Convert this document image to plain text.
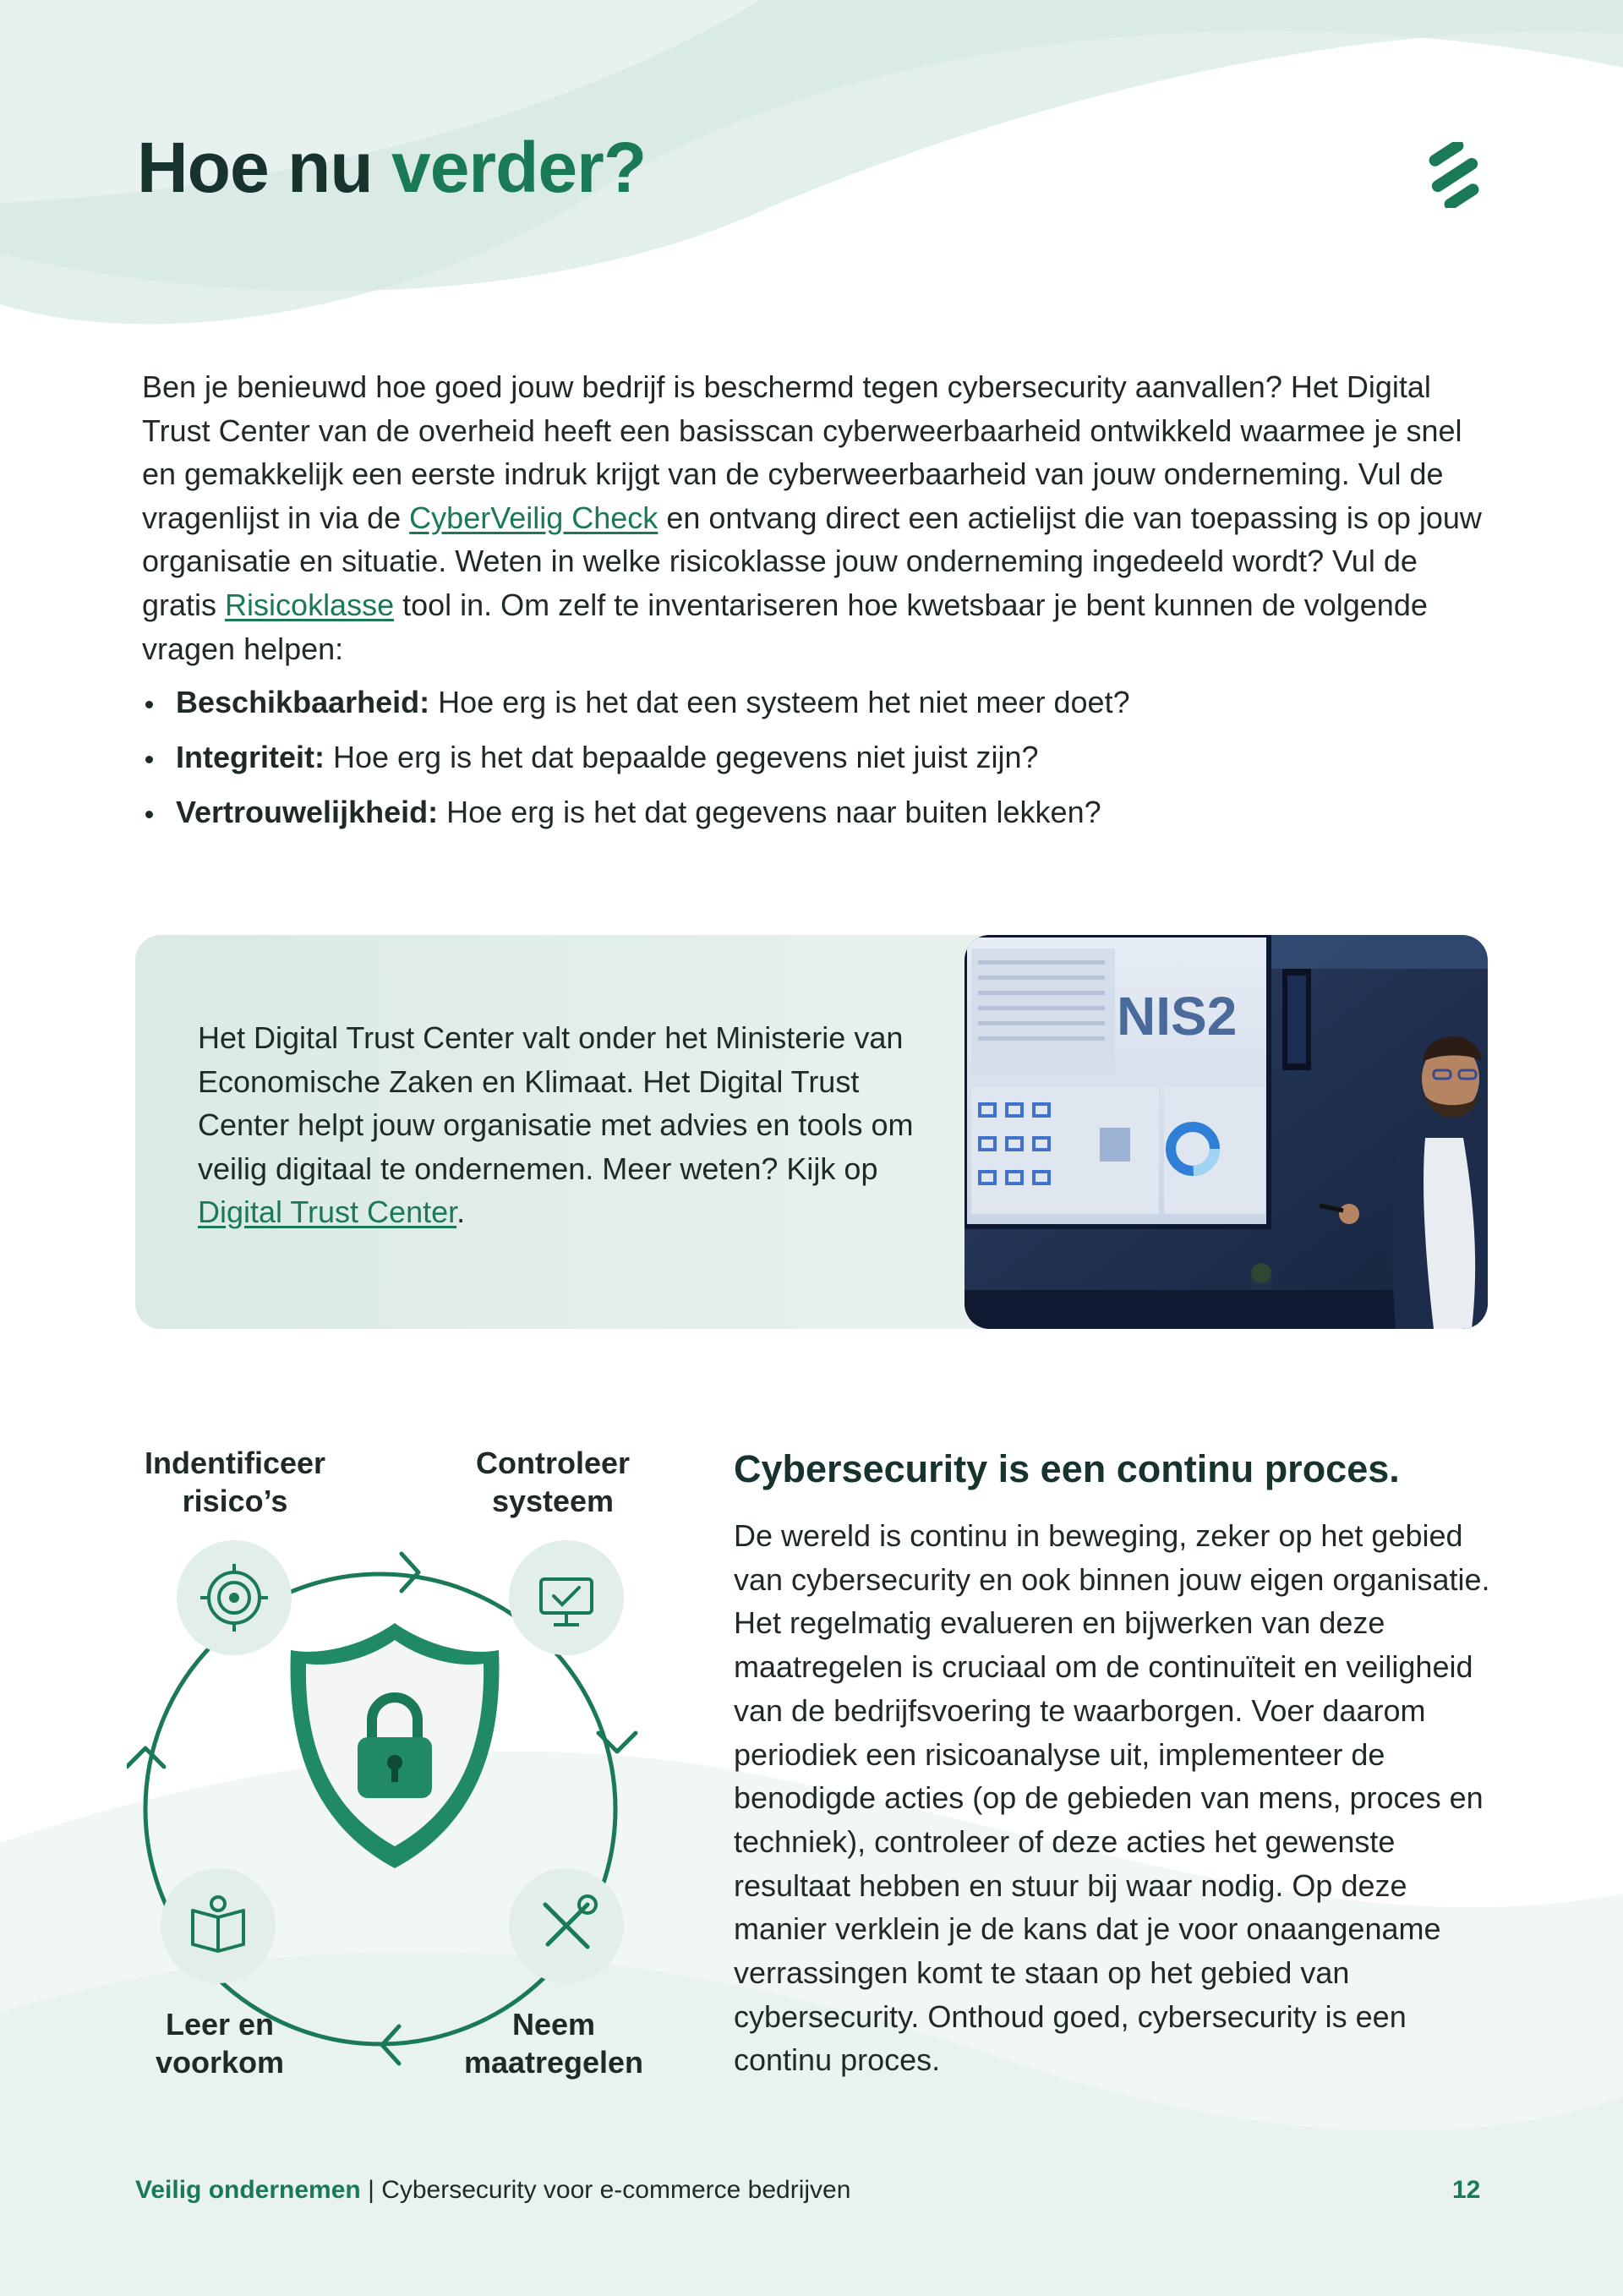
Hoe nu verder?

Ben je benieuwd hoe goed jouw bedrijf is beschermd tegen cybersecurity aanvallen? Het Digital Trust Center van de overheid heeft een basisscan cyberweerbaarheid ontwikkeld waarmee je snel en gemakkelijk een eerste indruk krijgt van de cyberweerbaarheid van jouw onderneming. Vul de vragenlijst in via de CyberVeilig Check en ontvang direct een actielijst die van toepassing is op jouw organisatie en situatie. Weten in welke risicoklasse jouw onderneming ingedeeld wordt? Vul de gratis Risicoklasse tool in. Om zelf te inventariseren hoe kwetsbaar je bent kunnen de volgende vragen helpen:

Beschikbaarheid: Hoe erg is het dat een systeem het niet meer doet?
Integriteit: Hoe erg is het dat bepaalde gegevens niet juist zijn?
Vertrouwelijkheid: Hoe erg is het dat gegevens naar buiten lekken?

Het Digital Trust Center valt onder het Ministerie van Economische Zaken en Klimaat. Het Digital Trust Center helpt jouw organisatie met advies en tools om veilig digitaal te ondernemen. Meer weten? Kijk op Digital Trust Center.

NIS2
Indentificeer risico’s
Controleer systeem
Neem maatregelen
Leer en voorkom
Cybersecurity is een continu proces.

De wereld is continu in beweging, zeker op het gebied van cybersecurity en ook binnen jouw eigen organisatie. Het regelmatig evalueren en bijwerken van deze maatregelen is cruciaal om de continuïteit en veiligheid van de bedrijfsvoering te waarborgen. Voer daarom periodiek een risicoanalyse uit, implementeer de benodigde acties (op de gebieden van mens, proces en techniek), controleer of deze acties het gewenste resultaat hebben en stuur bij waar nodig. Op deze manier verklein je de kans dat je voor onaangename verrassingen komt te staan op het gebied van cybersecurity. Onthoud goed, cybersecurity is een continu proces.

Veilig ondernemen | Cybersecurity voor e-commerce bedrijven	12
